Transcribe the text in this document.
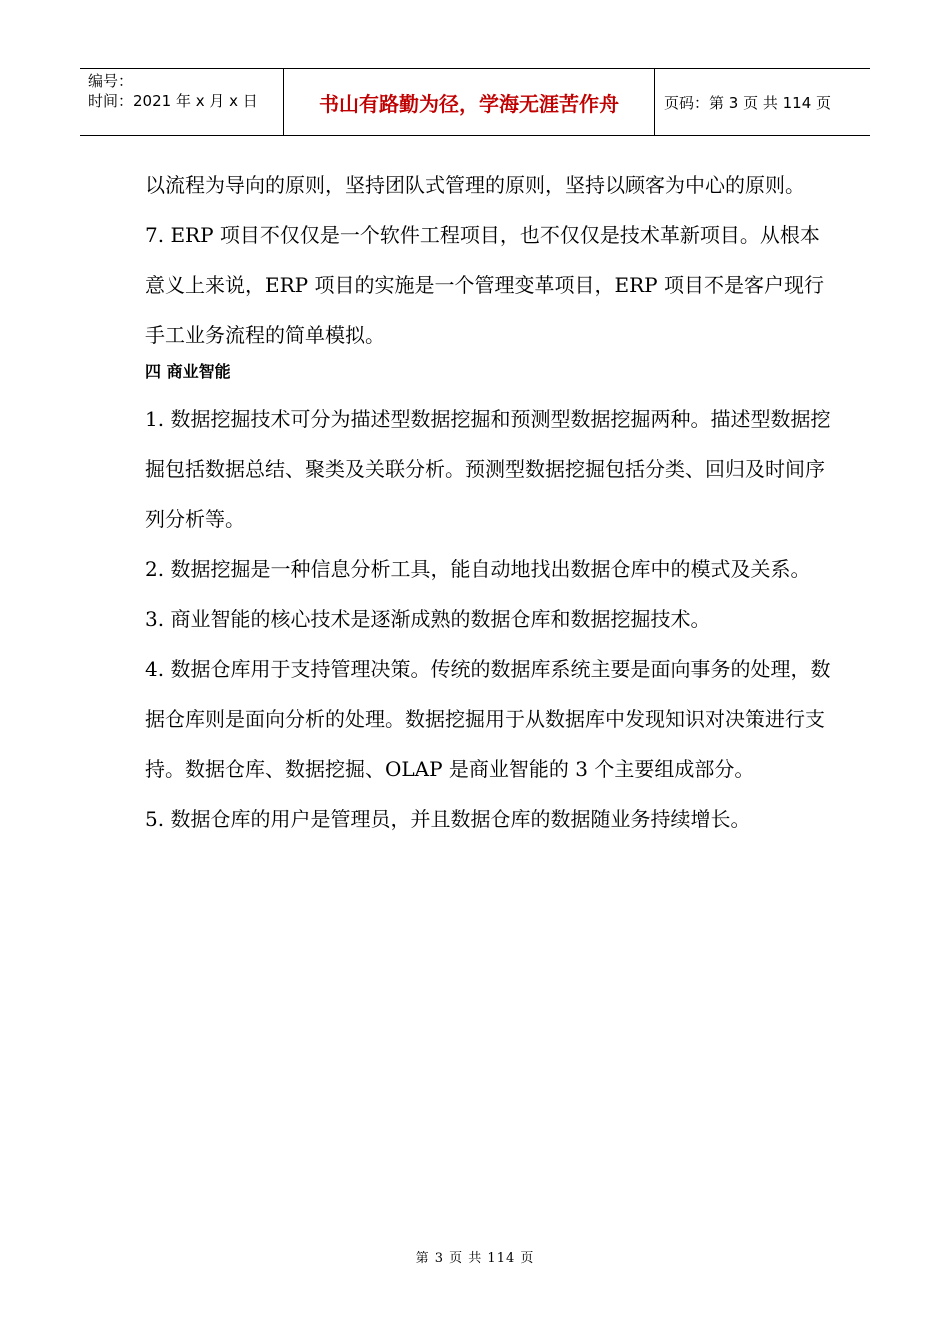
编号：
时间：2021 年 x 月 x 日	书山有路勤为径，学海无涯苦作舟	页码：第 3 页 共 114 页

以流程为导向的原则，坚持团队式管理的原则，坚持以顾客为中心的原则。

7. ERP 项目不仅仅是一个软件工程项目，也不仅仅是技术革新项目。从根本意义上来说，ERP 项目的实施是一个管理变革项目，ERP 项目不是客户现行手工业务流程的简单模拟。

四 商业智能

1. 数据挖掘技术可分为描述型数据挖掘和预测型数据挖掘两种。描述型数据挖掘包括数据总结、聚类及关联分析。预测型数据挖掘包括分类、回归及时间序列分析等。

2. 数据挖掘是一种信息分析工具，能自动地找出数据仓库中的模式及关系。

3. 商业智能的核心技术是逐渐成熟的数据仓库和数据挖掘技术。

4. 数据仓库用于支持管理决策。传统的数据库系统主要是面向事务的处理，数据仓库则是面向分析的处理。数据挖掘用于从数据库中发现知识对决策进行支持。数据仓库、数据挖掘、OLAP 是商业智能的 3 个主要组成部分。

5. 数据仓库的用户是管理员，并且数据仓库的数据随业务持续增长。

第 3 页 共 114 页
